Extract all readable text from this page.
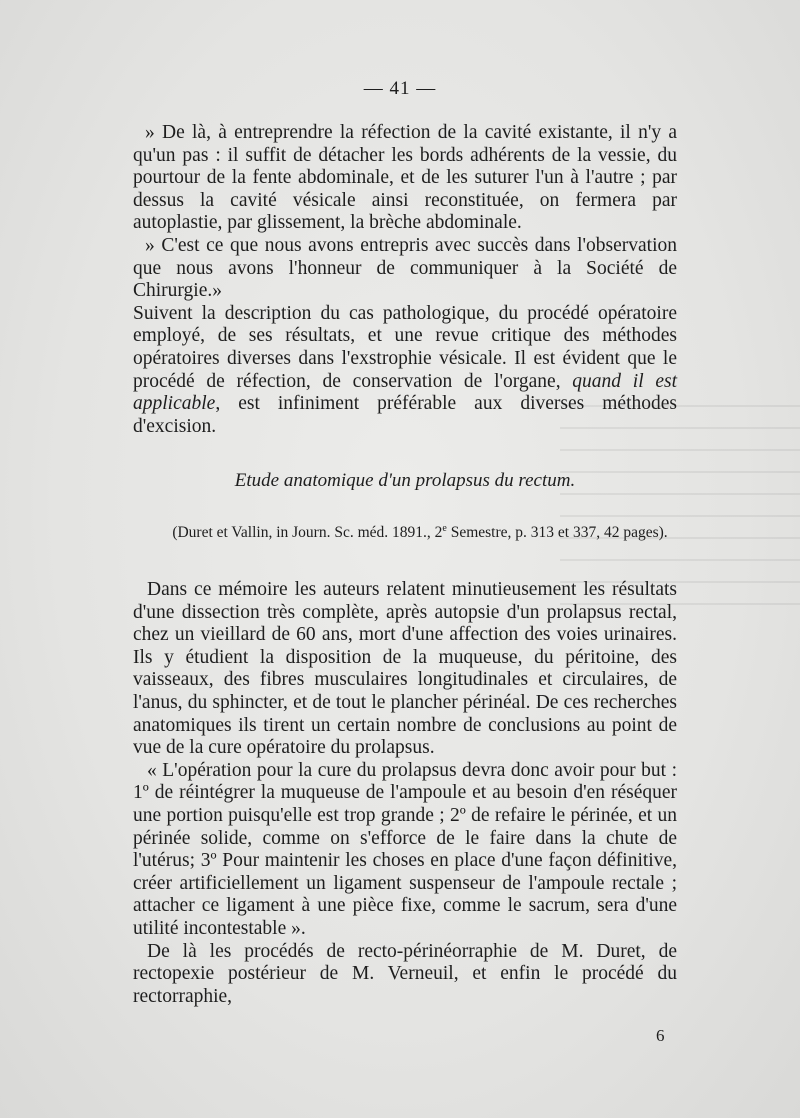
— 41 —

» De là, à entreprendre la réfection de la cavité existante, il n'y a qu'un pas : il suffit de détacher les bords adhérents de la vessie, du pourtour de la fente abdominale, et de les suturer l'un à l'autre ; par dessus la cavité vésicale ainsi reconstituée, on fermera par autoplastie, par glissement, la brèche abdominale.

» C'est ce que nous avons entrepris avec succès dans l'observation que nous avons l'honneur de communiquer à la Société de Chirurgie.»

Suivent la description du cas pathologique, du procédé opératoire employé, de ses résultats, et une revue critique des méthodes opératoires diverses dans l'exstrophie vésicale. Il est évident que le procédé de réfection, de conservation de l'organe, quand il est applicable, est infiniment préférable aux diverses méthodes d'excision.

Etude anatomique d'un prolapsus du rectum.
(Duret et Vallin, in Journ. Sc. méd. 1891., 2e Semestre, p. 313 et 337, 42 pages).

Dans ce mémoire les auteurs relatent minutieusement les résultats d'une dissection très complète, après autopsie d'un prolapsus rectal, chez un vieillard de 60 ans, mort d'une affection des voies urinaires. Ils y étudient la disposition de la muqueuse, du péritoine, des vaisseaux, des fibres musculaires longitudinales et circulaires, de l'anus, du sphincter, et de tout le plancher périnéal. De ces recherches anatomiques ils tirent un certain nombre de conclusions au point de vue de la cure opératoire du prolapsus.

« L'opération pour la cure du prolapsus devra donc avoir pour but : 1º de réintégrer la muqueuse de l'ampoule et au besoin d'en réséquer une portion puisqu'elle est trop grande ; 2º de refaire le périnée, et un périnée solide, comme on s'efforce de le faire dans la chute de l'utérus; 3º Pour maintenir les choses en place d'une façon définitive, créer artificiellement un ligament suspenseur de l'ampoule rectale ; attacher ce ligament à une pièce fixe, comme le sacrum, sera d'une utilité incontestable ».

De là les procédés de recto-périnéorraphie de M. Duret, de rectopexie postérieur de M. Verneuil, et enfin le procédé du rectorraphie,

6
